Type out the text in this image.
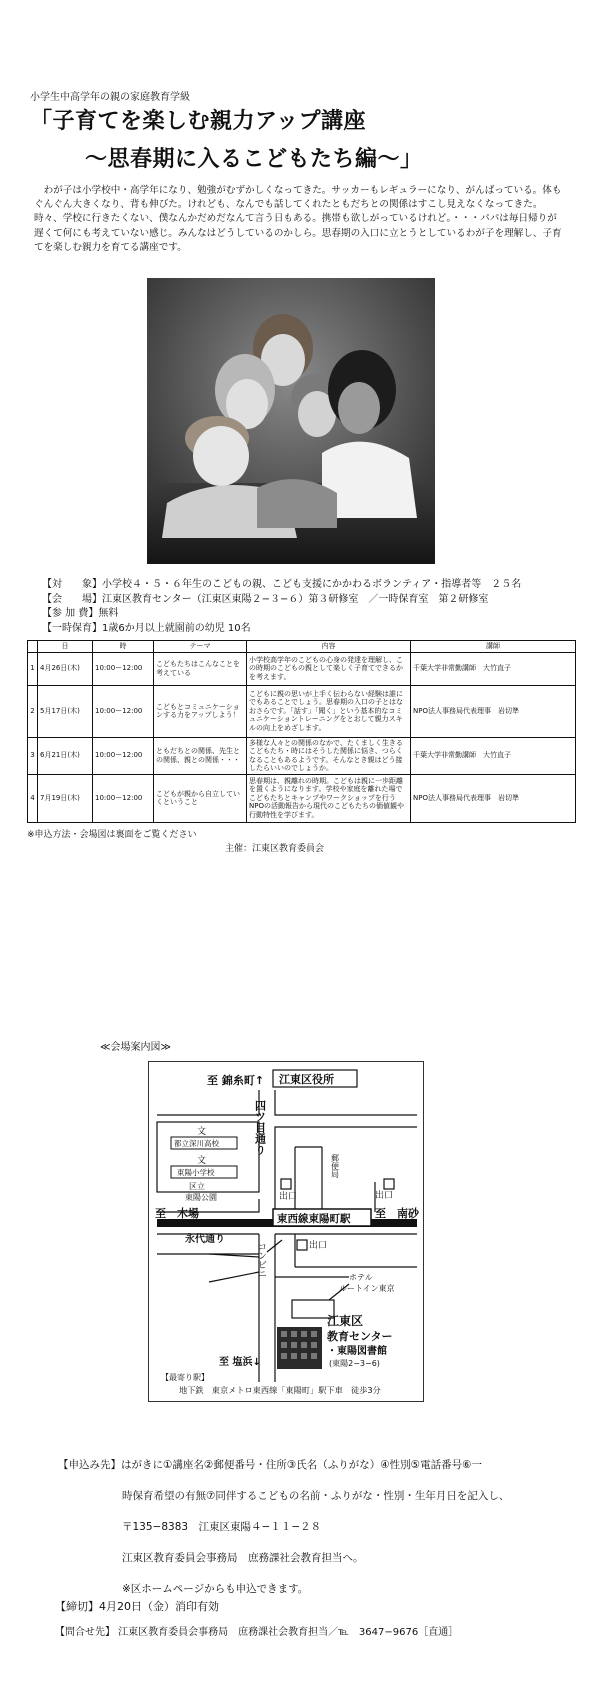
小学生中高学年の親の家庭教育学級
「子育てを楽しむ親力アップ講座
〜思春期に入るこどもたち編〜」
わが子は小学校中・高学年になり、勉強がむずかしくなってきた。サッカーもレギュラーになり、がんばっている。体もぐんぐん大きくなり、背も伸びた。けれども、なんでも話してくれたともだちとの関係はすこし見えなくなってきた。時々、学校に行きたくない、僕なんかだめだなんて言う日もある。携帯も欲しがっているけれど。・・・パパは毎日帰りが遅くて何にも考えていない感じ。みんなはどうしているのかしら。思春期の入口に立とうとしているわが子を理解し、子育てを楽しむ親力を育てる講座です。
【対　　象】小学校４・５・６年生のこどもの親、こども支援にかかわるボランティア・指導者等　２５名
【会　　場】江東区教育センター（江東区東陽２−３−６）第３研修室　／一時保育室　第２研修室
【参 加 費】無料
【一時保育】1歳6か月以上就園前の幼児 10名
	日	時	テーマ	内容	講師
1	4月26日(木)	10:00ー12:00	こどもたちはこんなことを考えている	小学校高学年のこどもの心身の発達を理解し、この時期のこどもの親として楽しく子育てできるかを考えます。	千葉大学非常勤講師　大竹直子
2	5月17日(木)	10:00ー12:00	こどもとコミュニケーションする力をアップしよう！	こどもに親の思いが上手く伝わらない経験は誰にでもあることでしょう。思春期の入口の子とはなおさらです。「話す」「聞く」という基本的なコミュニケーショントレーニングをとおして親力スキルの向上をめざします。	NPO法人事務局代表理事　岩切準
3	6月21日(木)	10:00ー12:00	ともだちとの関係、先生との関係、親との関係・・・	多様な人々との関係のなかで、たくましく生きるこどもたち・時にはそうした関係に悩き、つらくなることもあるようです。そんなとき親はどう接したらいいのでしょうか。	千葉大学非常勤講師　大竹直子
4	7月19日(木)	10:00ー12:00	こどもが親から自立していくということ	思春期は、親離れの時期。こどもは親に一歩距離を置くようになります。学校や家庭を離れた場でこどもたちとキャンプやワークショップを行うNPOの活動報告から現代のこどもたちの価値観や行動特性を学びます。	NPO法人事務局代表理事　岩切準
※申込方法・会場図は裏面をご覧ください
主催：江東区教育委員会
≪会場案内図≫
至 錦糸町↑ 江東区役所
文
都立深川高校
文
東陽小学校
区立
東陽公園
四ツ目通り
郵便局
出口	出口
出口
至　木場	東西線東陽町駅 至　南砂
永代通り
コンビニ	ホテル
ルートイン東京
江東区
教育センター
・東陽図書館
(東陽2−3−6)
至 塩浜↓
【最寄り駅】
地下鉄　東京メトロ東西線「東陽町」駅下車　徒歩3分
【申込み先】はがきに①講座名②郵便番号・住所③氏名（ふりがな）④性別⑤電話番号⑥一
時保育希望の有無⑦同伴するこどもの名前・ふりがな・性別・生年月日を記入し、
〒135−8383　江東区東陽４−１１−２８
江東区教育委員会事務局　庶務課社会教育担当へ。
※区ホームページからも申込できます。
【締切】4月20日（金）消印有効
【問合せ先】 江東区教育委員会事務局　庶務課社会教育担当／℡　3647−9676［直通］
